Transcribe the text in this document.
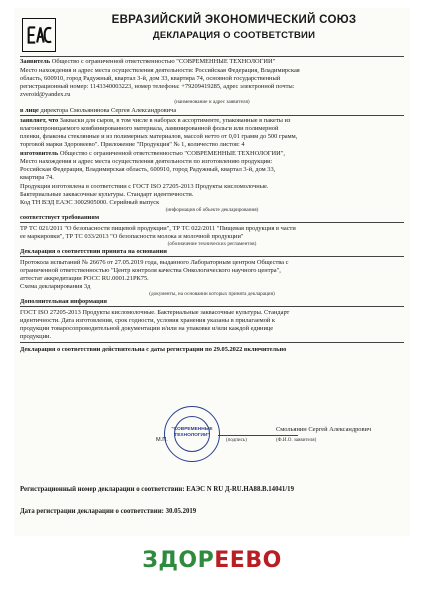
ЕВРАЗИЙСКИЙ ЭКОНОМИЧЕСКИЙ СОЮЗ
ДЕКЛАРАЦИЯ О СООТВЕТСТВИИ
Заявитель Общество с ограниченной ответственностью "СОВРЕМЕННЫЕ ТЕХНОЛОГИИ"
Место нахождения и адрес места осуществления деятельности: Российская Федерация, Владимирская
область, 600910, город Радужный, квартал 3-й, дом 33, квартира 74, основной государственный
регистрационный номер: 1143340003223, номер телефона: +79209419285, адрес электронной почты:
zveroid@yandex.ru
(наименование и адрес заявителя)
в лице директора Смольянинова Сергея Александровича
заявляет, что Закваски для сыров, в том числе в наборах в ассортименте, упакованные в пакеты из
влагонепроницаемого комбинированного материала, ламинированной фольги или полимерной
пленки, флаконы стеклянные и из полимерных материалов, массой нетто от 0,01 грамм до 500 грамм,
торговой марки Здоровеево". Приложение "Продукция" № 1, количество листов: 4
изготовитель Общество с ограниченной ответственностью "СОВРЕМЕННЫЕ ТЕХНОЛОГИИ",
Место нахождения и адрес места осуществления деятельности по изготовлению продукции:
Российская Федерация, Владимирская область, 600910, город Радужный, квартал 3-й, дом 33,
квартира 74.
Продукция изготовлена в соответствии с ГОСТ ISO 27205-2013 Продукты кисломолочные.
Бактериальные заквасочные культуры. Стандарт идентичности.
Код ТН ВЭД ЕАЭС 3002905000. Серийный выпуск
(информация об объекте декларирования)
соответствует требованиям
ТР ТС 021/2011 "О безопасности пищевой продукции", ТР ТС 022/2011 "Пищевая продукция в части
ее маркировки", ТР ТС 033/2013 "О безопасности молока и молочной продукции"
(обозначение технических регламентов)
Декларация о соответствии принята на основании
Протокола испытаний № 26676 от 27.05.2019 года, выданного Лабораторным центром Общества с
ограниченной ответственностью "Центр контроля качества Онкологического научного центра",
аттестат аккредитации РОСС RU.0001.21РК75.
Схема декларирования 3д
(документы, на основании которых принята декларация)
Дополнительная информация
ГОСТ ISO 27205-2013 Продукты кисломолочные. Бактериальные заквасочные культуры. Стандарт
идентичности. Дата изготовления, срок годности, условия хранения указаны в прилагаемой к
продукции товаросопроводительной документации и/или на упаковке и/или каждой единице
продукции.
Декларация о соответствии действительна с даты регистрации по 29.05.2022 включительно
"СОВРЕМЕННЫЕ
ТЕХНОЛОГИИ"
М.П.
Смольянин Сергей Александрович
(подпись)	(Ф.И.О. заявителя)
Регистрационный номер декларации о соответствии: ЕАЭС N RU Д-RU.HA88.B.14041/19
Дата регистрации декларации о соответствии: 30.05.2019
ЗДОРЕЕВО
